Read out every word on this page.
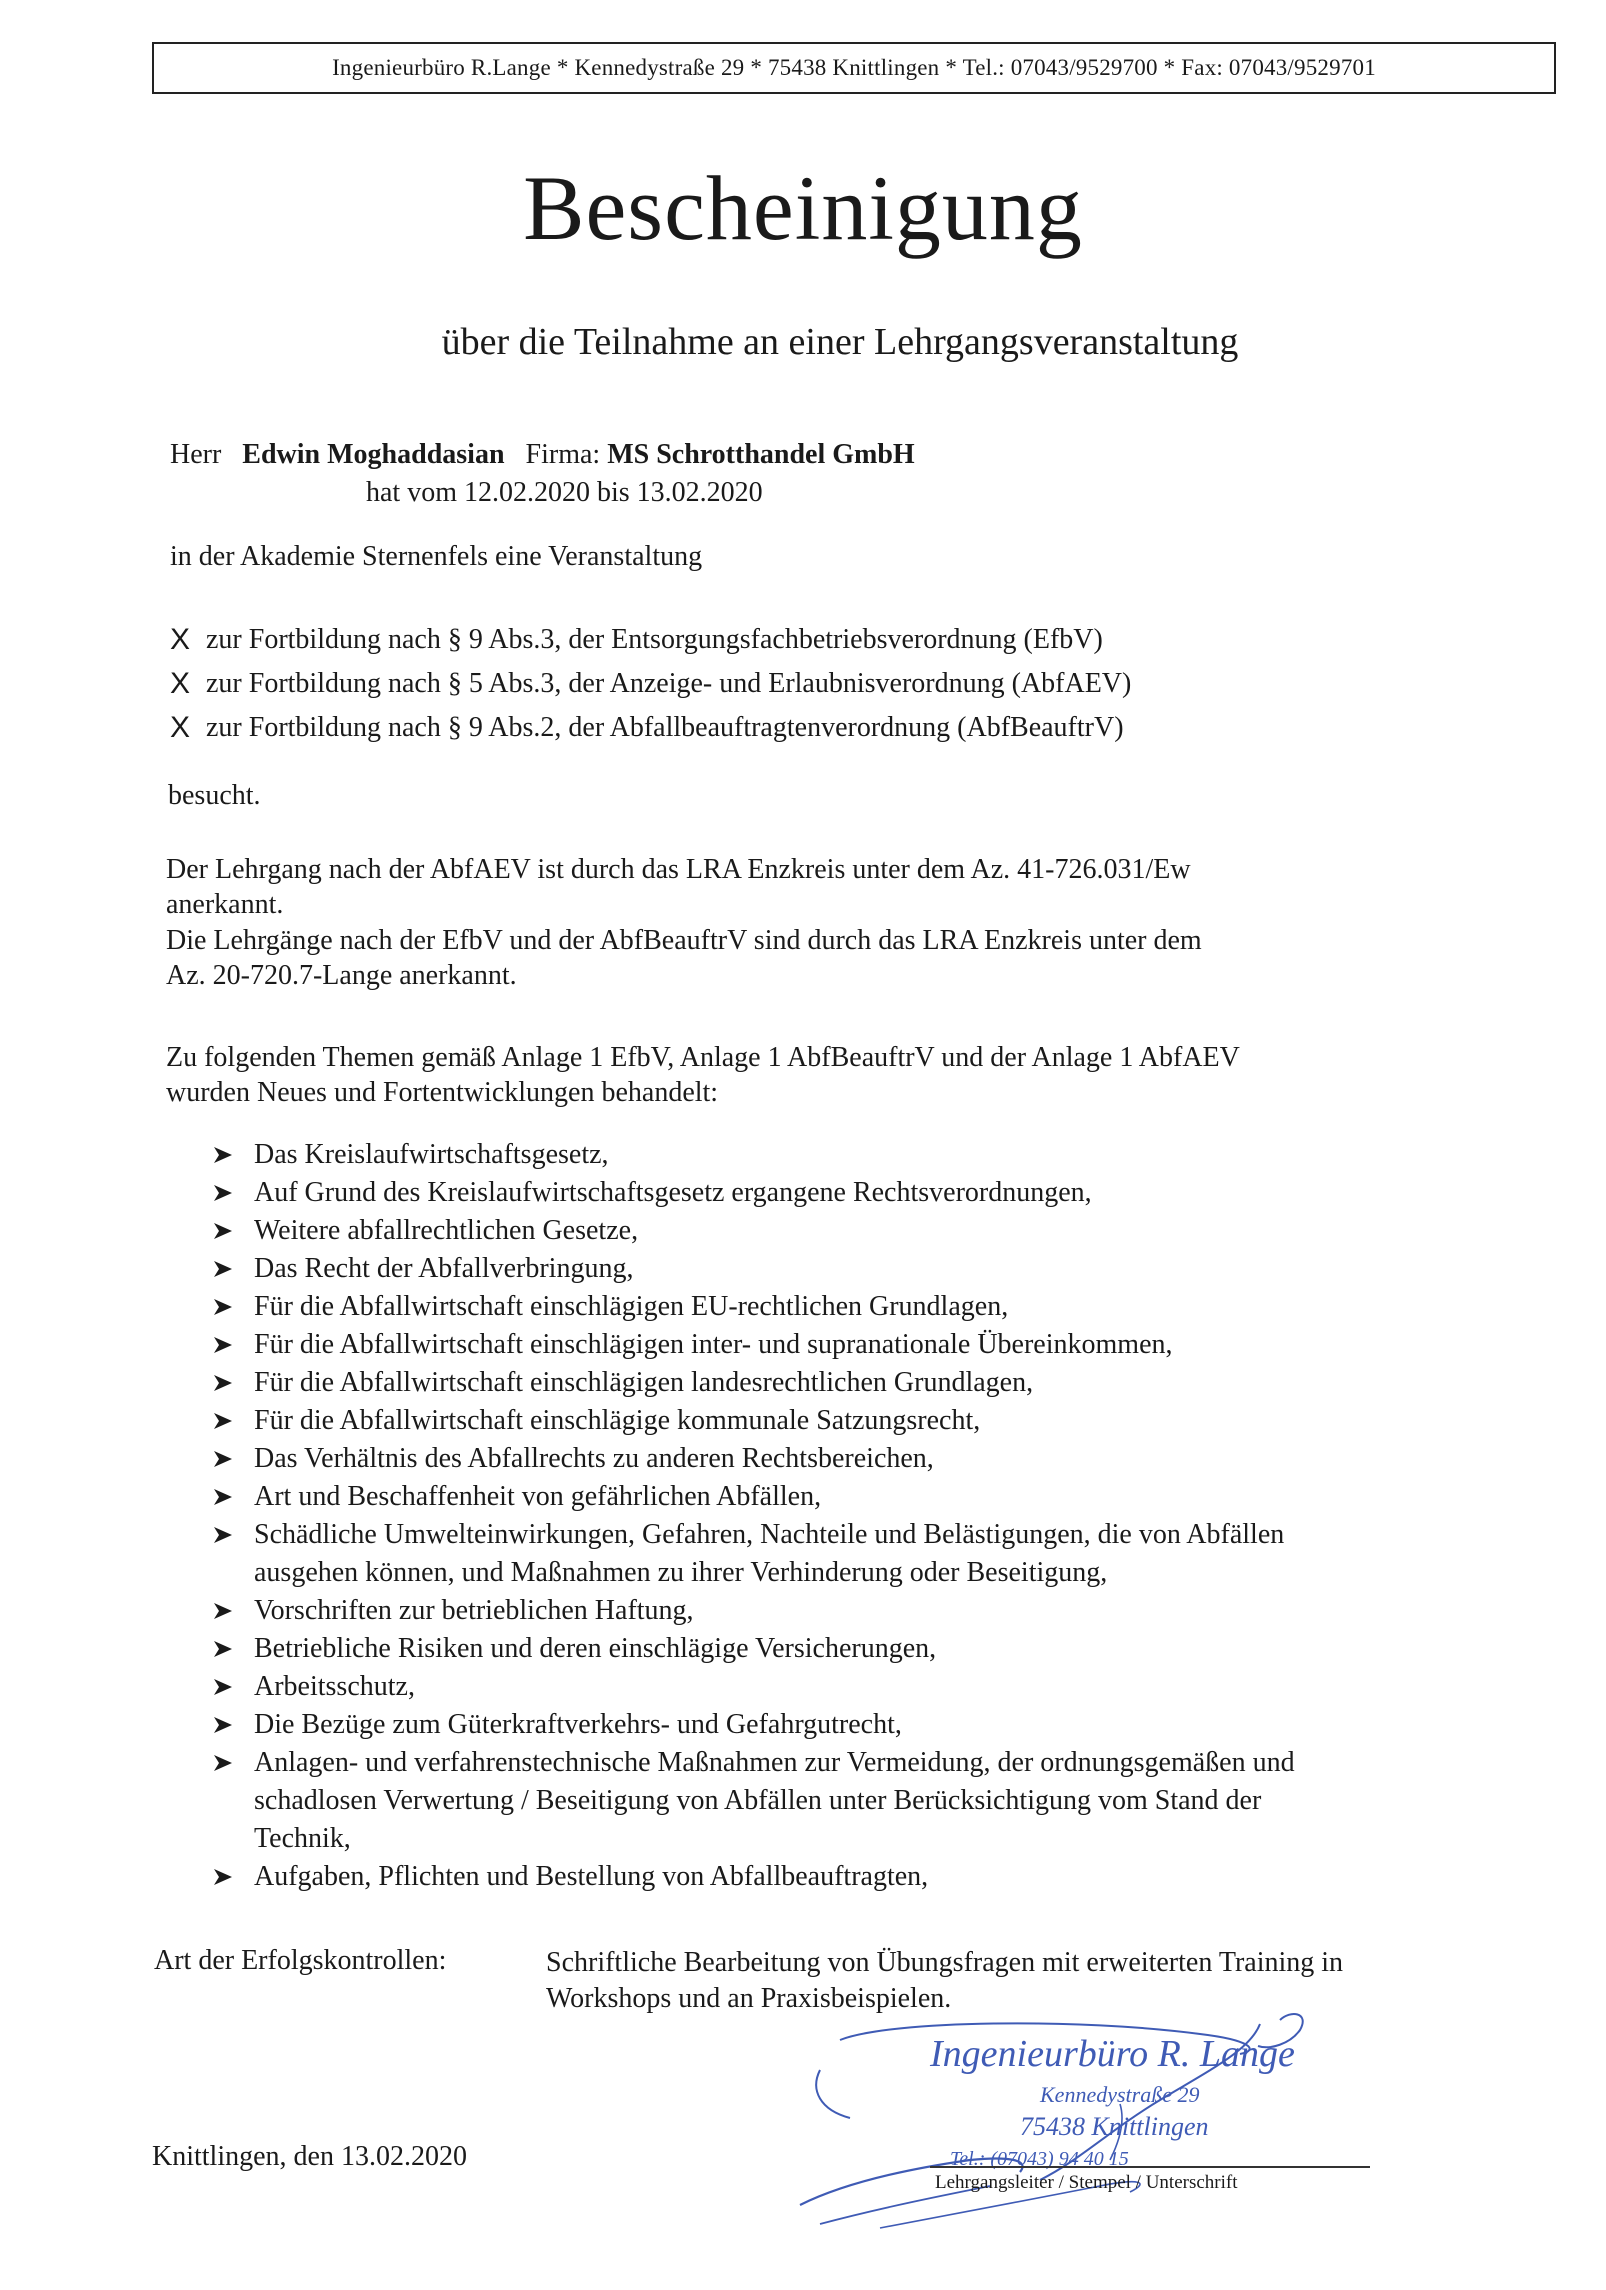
Ingenieurbüro R.Lange * Kennedystraße 29 * 75438 Knittlingen * Tel.: 07043/9529700 * Fax: 07043/9529701
Bescheinigung
über die Teilnahme an einer Lehrgangsveranstaltung
Herr Edwin Moghaddasian Firma: MS Schrotthandel GmbH
hat vom 12.02.2020 bis 13.02.2020
in der Akademie Sternenfels eine Veranstaltung
X zur Fortbildung nach § 9 Abs.3, der Entsorgungsfachbetriebsverordnung (EfbV)
X zur Fortbildung nach § 5 Abs.3, der Anzeige- und Erlaubnisverordnung (AbfAEV)
X zur Fortbildung nach § 9 Abs.2, der Abfallbeauftragtenverordnung (AbfBeauftrV)
besucht.
Der Lehrgang nach der AbfAEV ist durch das LRA Enzkreis unter dem Az. 41-726.031/Ew
anerkannt.
Die Lehrgänge nach der EfbV und der AbfBeauftrV sind durch das LRA Enzkreis unter dem
Az. 20-720.7-Lange anerkannt.
Zu folgenden Themen gemäß Anlage 1 EfbV, Anlage 1 AbfBeauftrV und der Anlage 1 AbfAEV
wurden Neues und Fortentwicklungen behandelt:
Das Kreislaufwirtschaftsgesetz,
Auf Grund des Kreislaufwirtschaftsgesetz ergangene Rechtsverordnungen,
Weitere abfallrechtlichen Gesetze,
Das Recht der Abfallverbringung,
Für die Abfallwirtschaft einschlägigen EU-rechtlichen Grundlagen,
Für die Abfallwirtschaft einschlägigen inter- und supranationale Übereinkommen,
Für die Abfallwirtschaft einschlägigen landesrechtlichen Grundlagen,
Für die Abfallwirtschaft einschlägige kommunale Satzungsrecht,
Das Verhältnis des Abfallrechts zu anderen Rechtsbereichen,
Art und Beschaffenheit von gefährlichen Abfällen,
Schädliche Umwelteinwirkungen, Gefahren, Nachteile und Belästigungen, die von Abfällen
ausgehen können, und Maßnahmen zu ihrer Verhinderung oder Beseitigung,
Vorschriften zur betrieblichen Haftung,
Betriebliche Risiken und deren einschlägige Versicherungen,
Arbeitsschutz,
Die Bezüge zum Güterkraftverkehrs- und Gefahrgutrecht,
Anlagen- und verfahrenstechnische Maßnahmen zur Vermeidung, der ordnungsgemäßen und
schadlosen Verwertung / Beseitigung von Abfällen unter Berücksichtigung vom Stand der
Technik,
Aufgaben, Pflichten und Bestellung von Abfallbeauftragten,
Art der Erfolgskontrollen:	Schriftliche Bearbeitung von Übungsfragen mit erweiterten Training in
Workshops und an Praxisbeispielen.
Knittlingen, den 13.02.2020
Ingenieurbüro R. Lange
Kennedystraße 29
75438 Knittlingen
Tel.: (07043) 94 40 15
Lehrgangsleiter / Stempel / Unterschrift
